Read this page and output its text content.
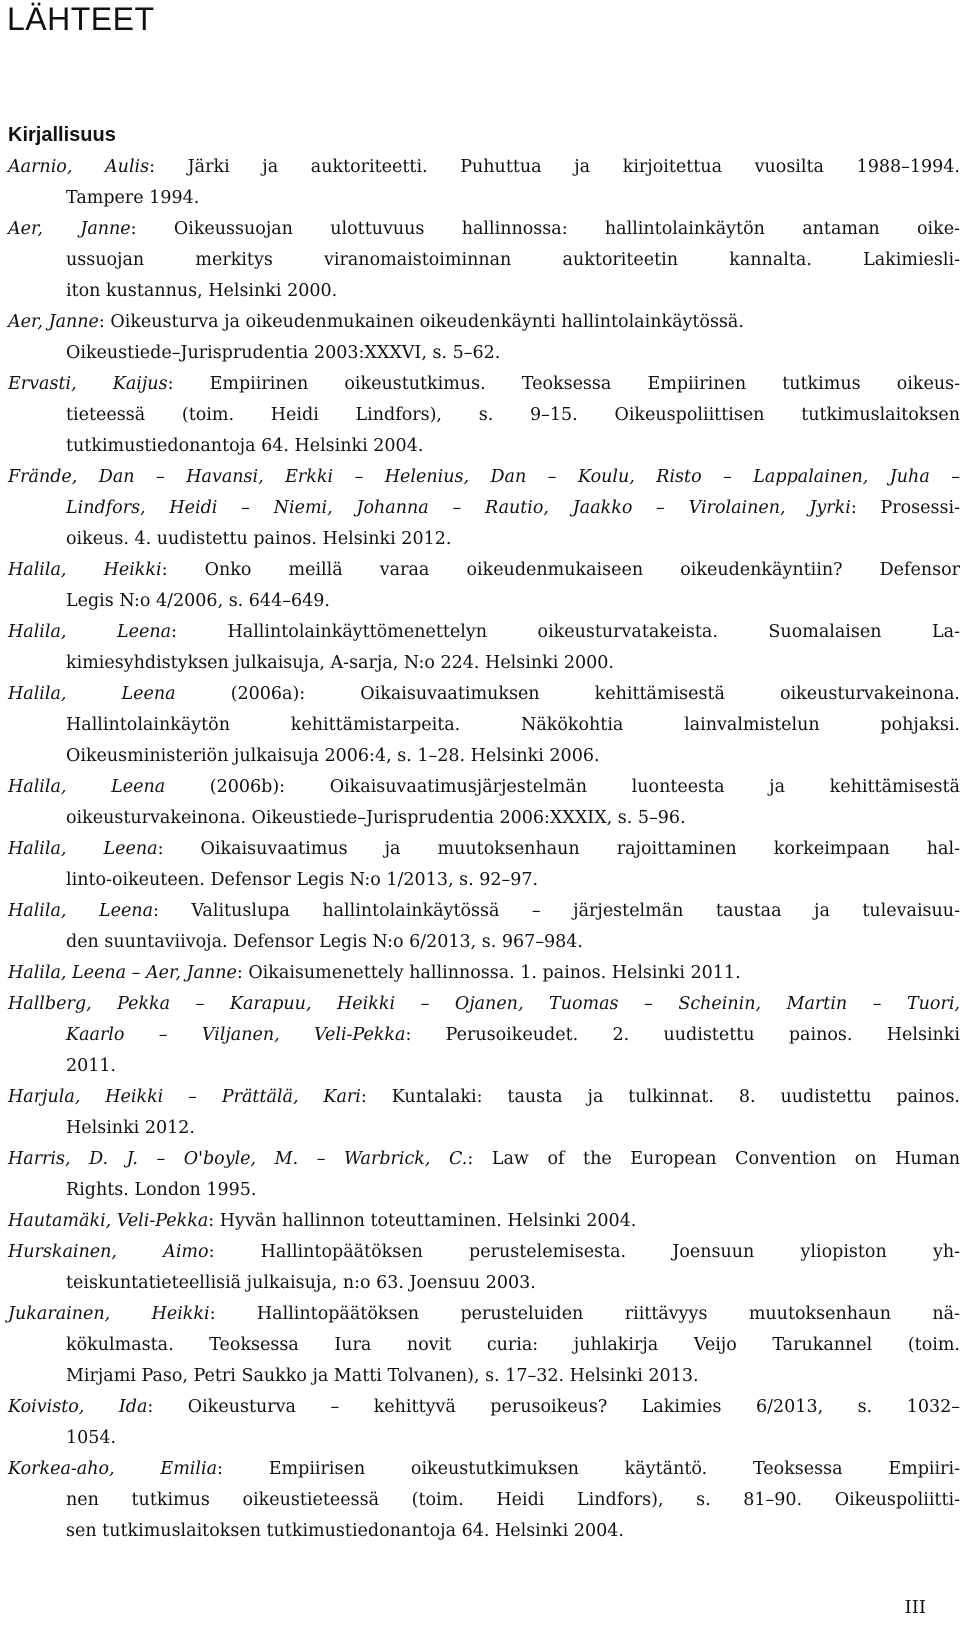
LÄHTEET
Kirjallisuus
Aarnio, Aulis: Järki ja auktoriteetti. Puhuttua ja kirjoitettua vuosilta 1988–1994.
Tampere 1994.
Aer, Janne: Oikeussuojan ulottuvuus hallinnossa: hallintolainkäytön antaman oike-
ussuojan merkitys viranomaistoiminnan auktoriteetin kannalta. Lakimiesli-
iton kustannus, Helsinki 2000.
Aer, Janne: Oikeusturva ja oikeudenmukainen oikeudenkäynti hallintolainkäytössä.
Oikeustiede–Jurisprudentia 2003:XXXVI, s. 5–62.
Ervasti, Kaijus: Empiirinen oikeustutkimus. Teoksessa Empiirinen tutkimus oikeus-
tieteessä (toim. Heidi Lindfors), s. 9–15. Oikeuspoliittisen tutkimuslaitoksen
tutkimustiedonantoja 64. Helsinki 2004.
Frände, Dan – Havansi, Erkki – Helenius, Dan – Koulu, Risto – Lappalainen, Juha –
Lindfors, Heidi – Niemi, Johanna – Rautio, Jaakko – Virolainen, Jyrki: Prosessi-
oikeus. 4. uudistettu painos. Helsinki 2012.
Halila, Heikki: Onko meillä varaa oikeudenmukaiseen oikeudenkäyntiin? Defensor
Legis N:o 4/2006, s. 644–649.
Halila, Leena: Hallintolainkäyttömenettelyn oikeusturvatakeista. Suomalaisen La-
kimiesyhdistyksen julkaisuja, A-sarja, N:o 224. Helsinki 2000.
Halila, Leena (2006a): Oikaisuvaatimuksen kehittämisestä oikeusturvakeinona.
Hallintolainkäytön kehittämistarpeita. Näkökohtia lainvalmistelun pohjaksi.
Oikeusministeriön julkaisuja 2006:4, s. 1–28. Helsinki 2006.
Halila, Leena (2006b): Oikaisuvaatimusjärjestelmän luonteesta ja kehittämisestä
oikeusturvakeinona. Oikeustiede–Jurisprudentia 2006:XXXIX, s. 5–96.
Halila, Leena: Oikaisuvaatimus ja muutoksenhaun rajoittaminen korkeimpaan hal-
linto-oikeuteen. Defensor Legis N:o 1/2013, s. 92–97.
Halila, Leena: Valituslupa hallintolainkäytössä – järjestelmän taustaa ja tulevaisuu-
den suuntaviivoja. Defensor Legis N:o 6/2013, s. 967–984.
Halila, Leena – Aer, Janne: Oikaisumenettely hallinnossa. 1. painos. Helsinki 2011.
Hallberg, Pekka – Karapuu, Heikki – Ojanen, Tuomas – Scheinin, Martin – Tuori,
Kaarlo – Viljanen, Veli-Pekka: Perusoikeudet. 2. uudistettu painos. Helsinki
2011.
Harjula, Heikki – Prättälä, Kari: Kuntalaki: tausta ja tulkinnat. 8. uudistettu painos.
Helsinki 2012.
Harris, D. J. – O'boyle, M. – Warbrick, C.: Law of the European Convention on Human
Rights. London 1995.
Hautamäki, Veli-Pekka: Hyvän hallinnon toteuttaminen. Helsinki 2004.
Hurskainen, Aimo: Hallintopäätöksen perustelemisesta. Joensuun yliopiston yh-
teiskuntatieteellisiä julkaisuja, n:o 63. Joensuu 2003.
Jukarainen, Heikki: Hallintopäätöksen perusteluiden riittävyys muutoksenhaun nä-
kökulmasta. Teoksessa Iura novit curia: juhlakirja Veijo Tarukannel (toim.
Mirjami Paso, Petri Saukko ja Matti Tolvanen), s. 17–32. Helsinki 2013.
Koivisto, Ida: Oikeusturva – kehittyvä perusoikeus? Lakimies 6/2013, s. 1032–
1054.
Korkea-aho, Emilia: Empiirisen oikeustutkimuksen käytäntö. Teoksessa Empiiri-
nen tutkimus oikeustieteessä (toim. Heidi Lindfors), s. 81–90. Oikeuspoliitti-
sen tutkimuslaitoksen tutkimustiedonantoja 64. Helsinki 2004.
III
